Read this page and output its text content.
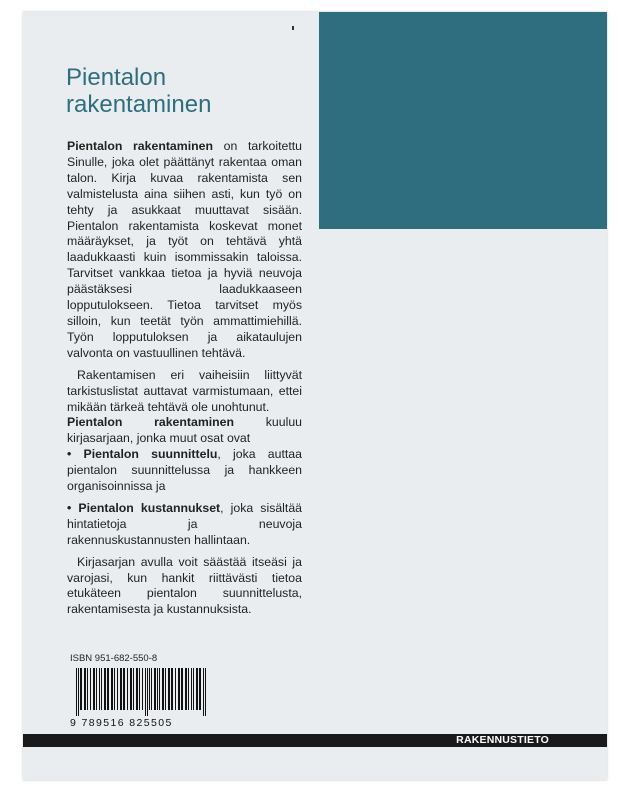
Pientalon
rakentaminen

Pientalon rakentaminen on tarkoitettu Sinulle, joka olet päättänyt rakentaa oman talon. Kirja kuvaa rakentamista sen valmistelusta aina siihen asti, kun työ on tehty ja asukkaat muuttavat sisään. Pientalon rakentamista koskevat monet määräykset, ja työt on tehtävä yhtä laadukkaasti kuin isommissakin taloissa. Tarvitset vankkaa tietoa ja hyviä neuvoja päästäksesi laadukkaaseen lopputulokseen. Tietoa tarvitset myös silloin, kun teetät työn ammattimiehillä. Työn lopputuloksen ja aikataulujen valvonta on vastuullinen tehtävä.

Rakentamisen eri vaiheisiin liittyvät tarkistuslistat auttavat varmistumaan, ettei mikään tärkeä tehtävä ole unohtunut.

Pientalon rakentaminen kuuluu kirjasarjaan, jonka muut osat ovat

• Pientalon suunnittelu, joka auttaa pientalon suunnittelussa ja hankkeen organisoinnissa ja

• Pientalon kustannukset, joka sisältää hintatietoja ja neuvoja rakennuskustannusten hallintaan.

Kirjasarjan avulla voit säästää itseäsi ja varojasi, kun hankit riittävästi tietoa etukäteen pientalon suunnittelusta, rakentamisesta ja kustannuksista.

ISBN 951-682-550-8
9 789516 825505
RAKENNUSTIETO
